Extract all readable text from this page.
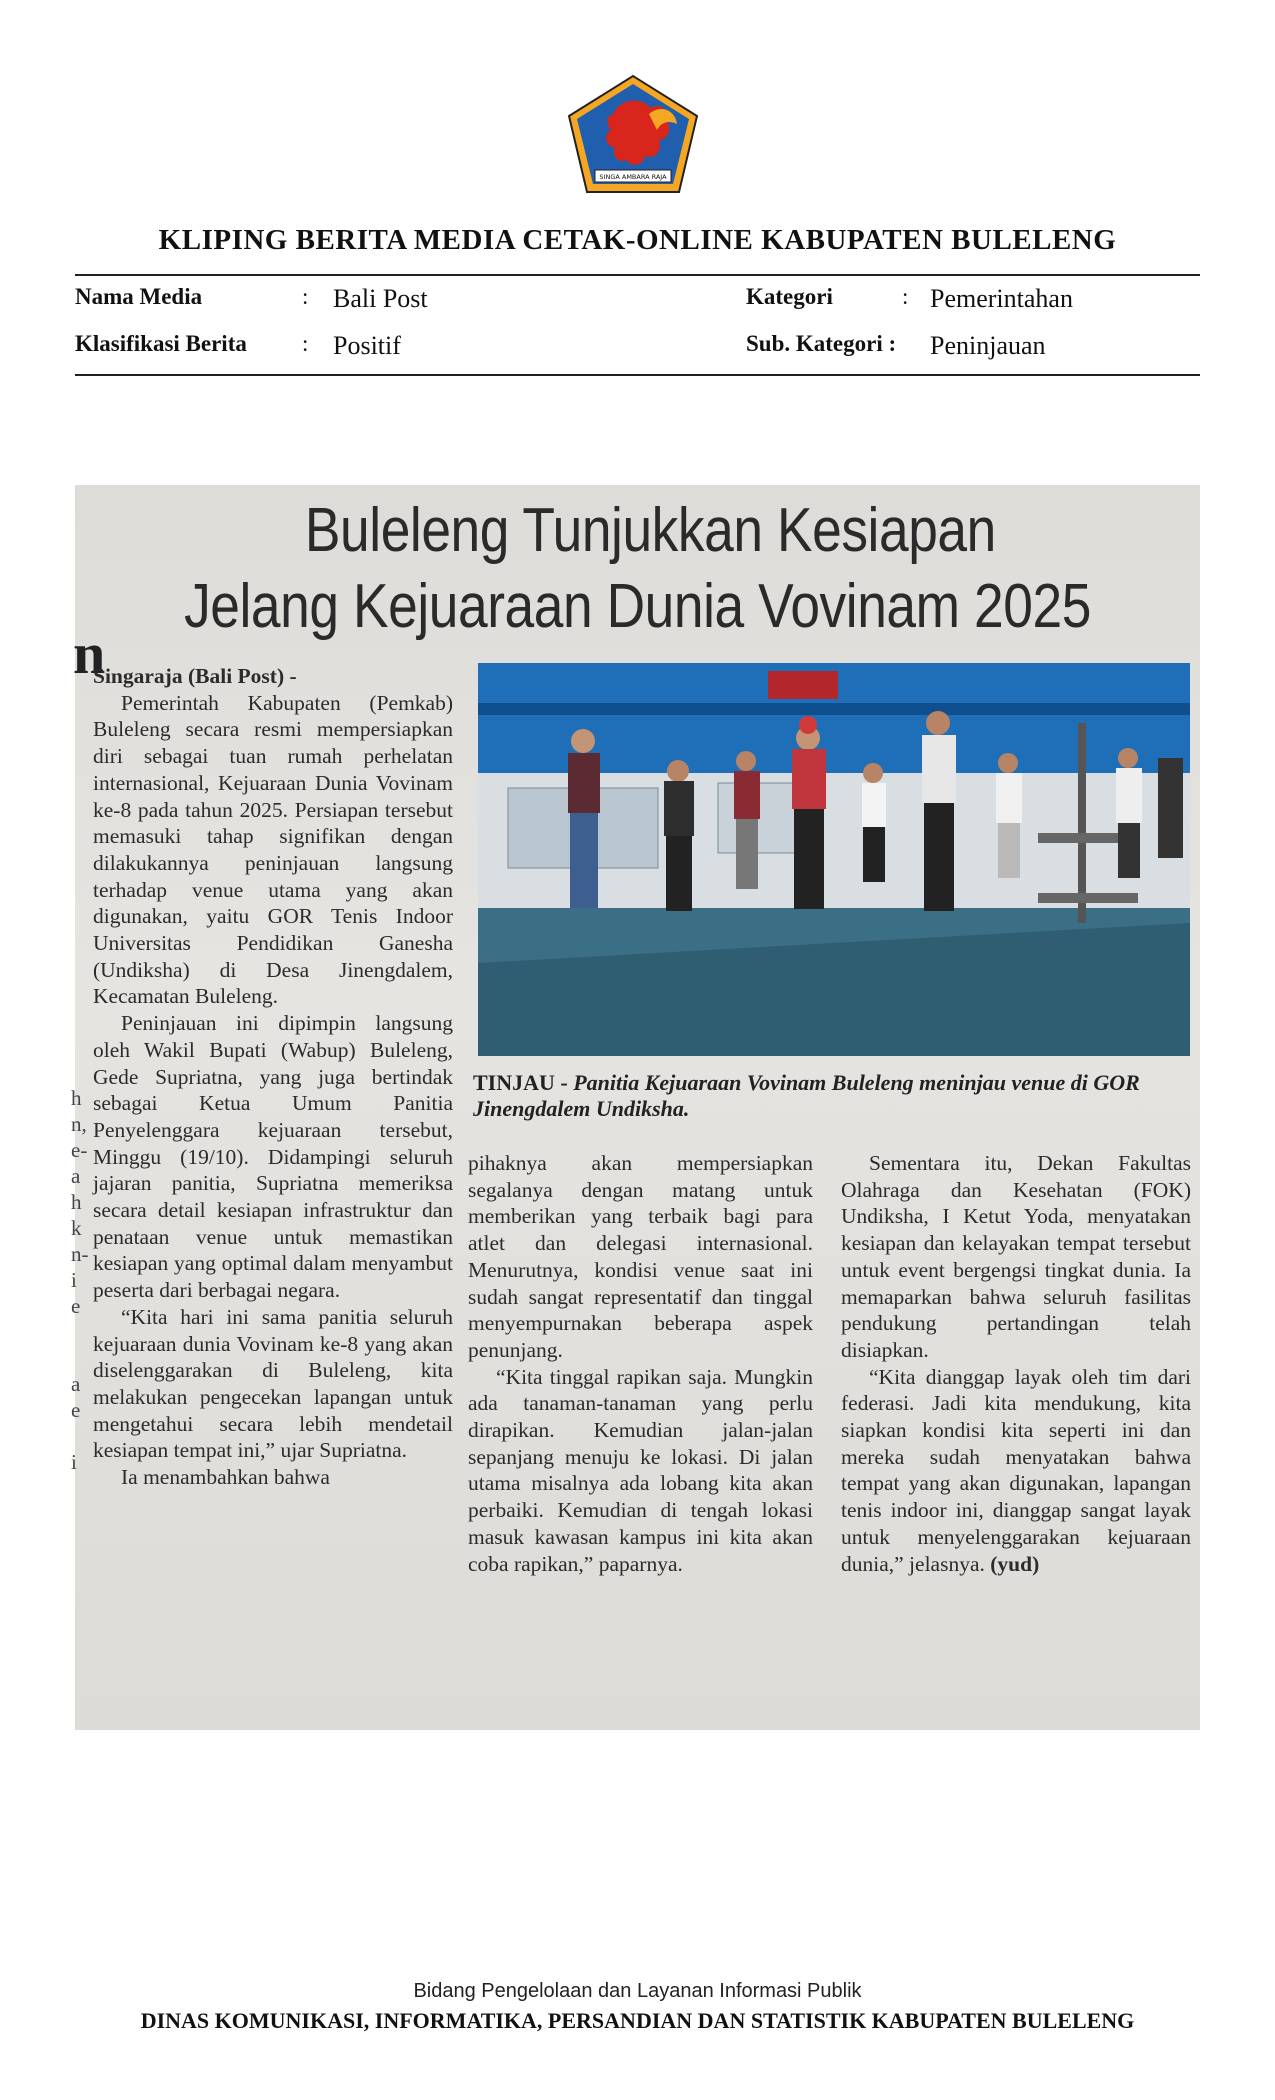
SINGA AMBARA RAJA
KLIPING BERITA MEDIA CETAK-ONLINE KABUPATEN BULELENG
Nama Media	: Bali Post	Kategori	: Pemerintahan
Klasifikasi Berita : Positif	Sub. Kategori : Peninjauan
n
h
n,
e-
a
h
k
n-
i
e

a
e

i
Buleleng Tunjukkan Kesiapan
Jelang Kejuaraan Dunia Vovinam 2025

Singaraja (Bali Post) -

Pemerintah Kabupaten (Pemkab) Buleleng secara resmi mempersiapkan diri sebagai tuan rumah perhelatan internasional, Kejuaraan Dunia Vovinam ke-8 pada tahun 2025. Persiapan tersebut memasuki tahap signifikan dengan dilakukannya peninjauan langsung terhadap venue utama yang akan digunakan, yaitu GOR Tenis Indoor Universitas Pendidikan Ganesha (Undiksha) di Desa Jinengdalem, Kecamatan Buleleng.

Peninjauan ini dipimpin langsung oleh Wakil Bupati (Wabup) Buleleng, Gede Supriatna, yang juga bertindak sebagai Ketua Umum Panitia Penyelenggara kejuaraan tersebut, Minggu (19/10). Didampingi seluruh jajaran panitia, Supriatna memeriksa secara detail kesiapan infrastruktur dan penataan venue untuk memastikan kesiapan yang optimal dalam menyambut peserta dari berbagai negara.

“Kita hari ini sama panitia seluruh kejuaraan dunia Vovinam ke-8 yang akan diselenggarakan di Buleleng, kita melakukan pengecekan lapangan untuk mengetahui secara lebih mendetail kesiapan tempat ini,” ujar Supriatna.

Ia menambahkan bahwa

TINJAU - Panitia Kejuaraan Vovinam Buleleng meninjau venue di GOR Jinengdalem Undiksha.

pihaknya akan mempersiapkan segalanya dengan matang untuk memberikan yang terbaik bagi para atlet dan delegasi internasional. Menurutnya, kondisi venue saat ini sudah sangat representatif dan tinggal menyempurnakan beberapa aspek penunjang.

“Kita tinggal rapikan saja. Mungkin ada tanaman-tanaman yang perlu dirapikan. Kemudian jalan-jalan sepanjang menuju ke lokasi. Di jalan utama misalnya ada lobang kita akan perbaiki. Kemudian di tengah lokasi masuk kawasan kampus ini kita akan coba rapikan,” paparnya.

Sementara itu, Dekan Fakultas Olahraga dan Kesehatan (FOK) Undiksha, I Ketut Yoda, menyatakan kesiapan dan kelayakan tempat tersebut untuk event bergengsi tingkat dunia. Ia memaparkan bahwa seluruh fasilitas pendukung pertandingan telah disiapkan.

“Kita dianggap layak oleh tim dari federasi. Jadi kita mendukung, kita siapkan kondisi kita seperti ini dan mereka sudah menyatakan bahwa tempat yang akan digunakan, lapangan tenis indoor ini, dianggap sangat layak untuk menyelenggarakan kejuaraan dunia,” jelasnya. (yud)

Bidang Pengelolaan dan Layanan Informasi Publik
DINAS KOMUNIKASI, INFORMATIKA, PERSANDIAN DAN STATISTIK KABUPATEN BULELENG
